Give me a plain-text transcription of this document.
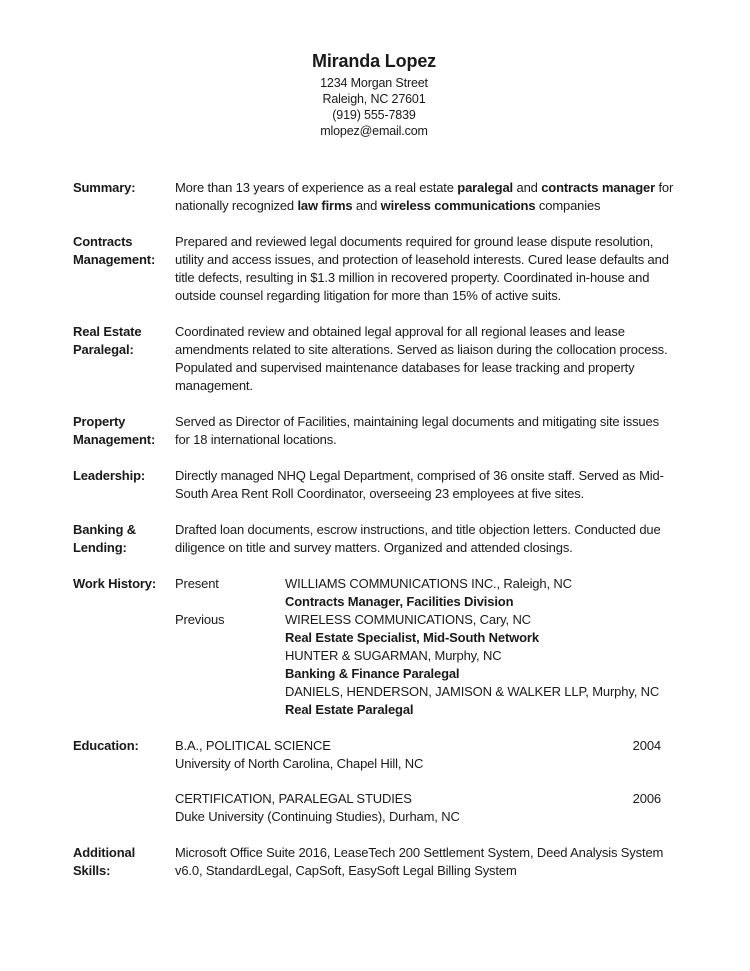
Miranda Lopez
1234 Morgan Street
Raleigh, NC 27601
(919) 555-7839
mlopez@email.com
Summary:	More than 13 years of experience as a real estate paralegal and contracts manager for nationally recognized law firms and wireless communications companies
Contracts Management:
Prepared and reviewed legal documents required for ground lease dispute resolution, utility and access issues, and protection of leasehold interests. Cured lease defaults and title defects, resulting in $1.3 million in recovered property. Coordinated in-house and outside counsel regarding litigation for more than 15% of active suits.
Real Estate Paralegal:
Coordinated review and obtained legal approval for all regional leases and lease amendments related to site alterations. Served as liaison during the collocation process. Populated and supervised maintenance databases for lease tracking and property management.
Property Management:
Served as Director of Facilities, maintaining legal documents and mitigating site issues for 18 international locations.
Leadership:	Directly managed NHQ Legal Department, comprised of 36 onsite staff. Served as Mid-South Area Rent Roll Coordinator, overseeing 23 employees at five sites.
Banking & Lending:
Drafted loan documents, escrow instructions, and title objection letters. Conducted due diligence on title and survey matters. Organized and attended closings.
Work History:	Present	WILLIAMS COMMUNICATIONS INC., Raleigh, NC
Contracts Manager, Facilities Division
Previous	WIRELESS COMMUNICATIONS, Cary, NC
Real Estate Specialist, Mid-South Network
HUNTER & SUGARMAN, Murphy, NC
Banking & Finance Paralegal
DANIELS, HENDERSON, JAMISON & WALKER LLP, Murphy, NC
Real Estate Paralegal
Education:	B.A., POLITICAL SCIENCE	2004
University of North Carolina, Chapel Hill, NC
CERTIFICATION, PARALEGAL STUDIES	2006
Duke University (Continuing Studies), Durham, NC
Additional Skills:
Microsoft Office Suite 2016, LeaseTech 200 Settlement System, Deed Analysis System v6.0, StandardLegal, CapSoft, EasySoft Legal Billing System
